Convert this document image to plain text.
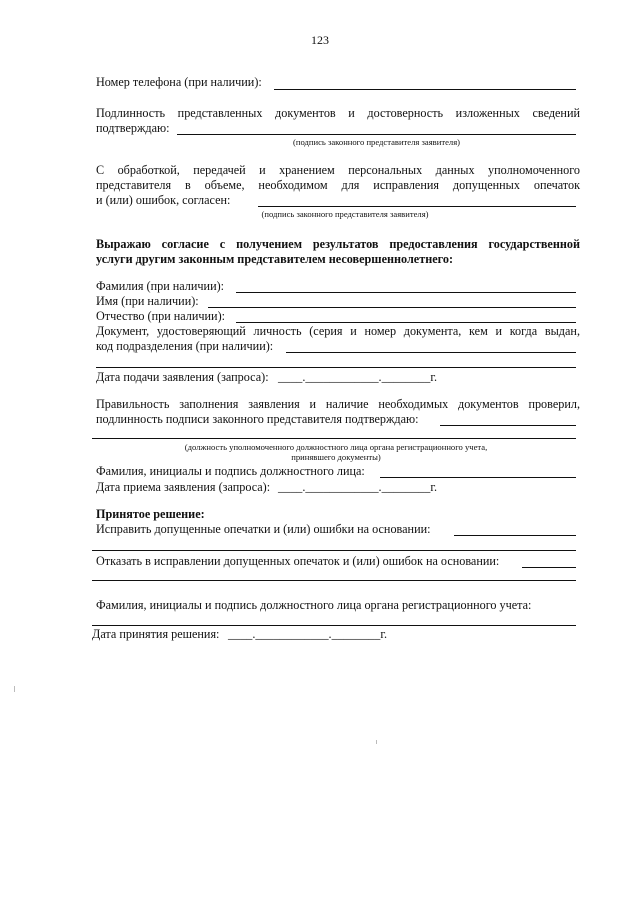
123
Номер телефона (при наличии):
Подлинность представленных документов и достоверность изложенных сведений
подтверждаю:
(подпись законного представителя заявителя)
С обработкой, передачей и хранением персональных данных уполномоченного
представителя в объеме, необходимом для исправления допущенных опечаток
и (или) ошибок, согласен:
(подпись законного представителя заявителя)
Выражаю согласие с получением результатов предоставления государственной
услуги другим законным представителем несовершеннолетнего:
Фамилия (при наличии):
Имя (при наличии):
Отчество (при наличии):
Документ, удостоверяющий личность (серия и номер документа, кем и когда выдан,
код подразделения (при наличии):
Дата подачи заявления (запроса): ____.____________.________г.
Правильность заполнения заявления и наличие необходимых документов проверил,
подлинность подписи законного представителя подтверждаю:
(должность уполномоченного должностного лица органа регистрационного учета,
принявшего документы)
Фамилия, инициалы и подпись должностного лица:
Дата приема заявления (запроса): ____.____________.________г.
Принятое решение:
Исправить допущенные опечатки и (или) ошибки на основании:
Отказать в исправлении допущенных опечаток и (или) ошибок на основании:
Фамилия, инициалы и подпись должностного лица органа регистрационного учета:
Дата принятия решения: ____.____________.________г.
